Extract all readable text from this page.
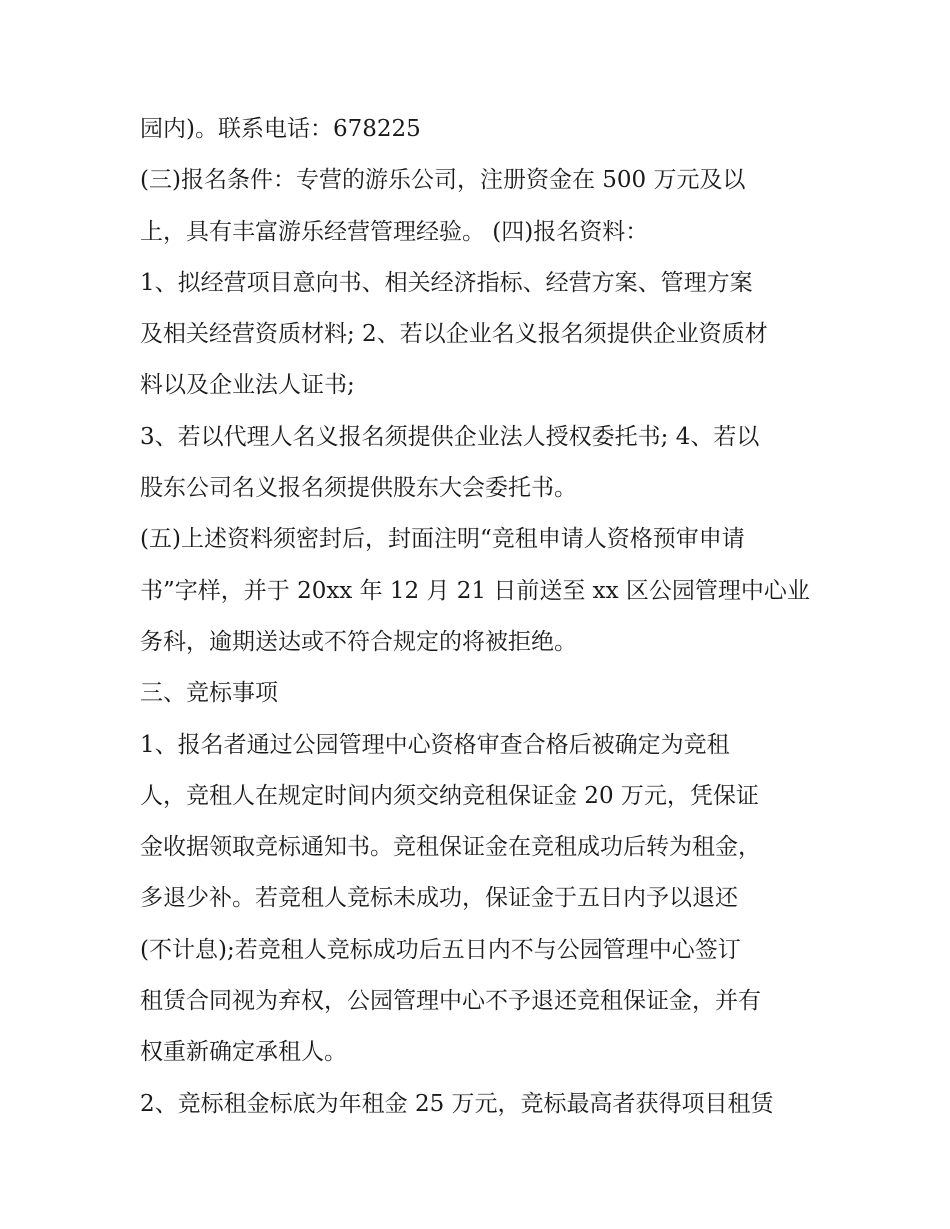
园内)。联系电话：678225
(三)报名条件：专营的游乐公司，注册资金在 500 万元及以
上，具有丰富游乐经营管理经验。 (四)报名资料：
1、拟经营项目意向书、相关经济指标、经营方案、管理方案
及相关经营资质材料; 2、若以企业名义报名须提供企业资质材
料以及企业法人证书;
3、若以代理人名义报名须提供企业法人授权委托书; 4、若以
股东公司名义报名须提供股东大会委托书。
(五)上述资料须密封后，封面注明“竞租申请人资格预审申请
书”字样，并于 20xx 年 12 月 21 日前送至 xx 区公园管理中心业
务科，逾期送达或不符合规定的将被拒绝。
三、竞标事项
1、报名者通过公园管理中心资格审查合格后被确定为竞租
人，竞租人在规定时间内须交纳竞租保证金 20 万元，凭保证
金收据领取竞标通知书。竞租保证金在竞租成功后转为租金，
多退少补。若竞租人竞标未成功，保证金于五日内予以退还
(不计息);若竞租人竞标成功后五日内不与公园管理中心签订
租赁合同视为弃权，公园管理中心不予退还竞租保证金，并有
权重新确定承租人。
2、竞标租金标底为年租金 25 万元，竞标最高者获得项目租赁
